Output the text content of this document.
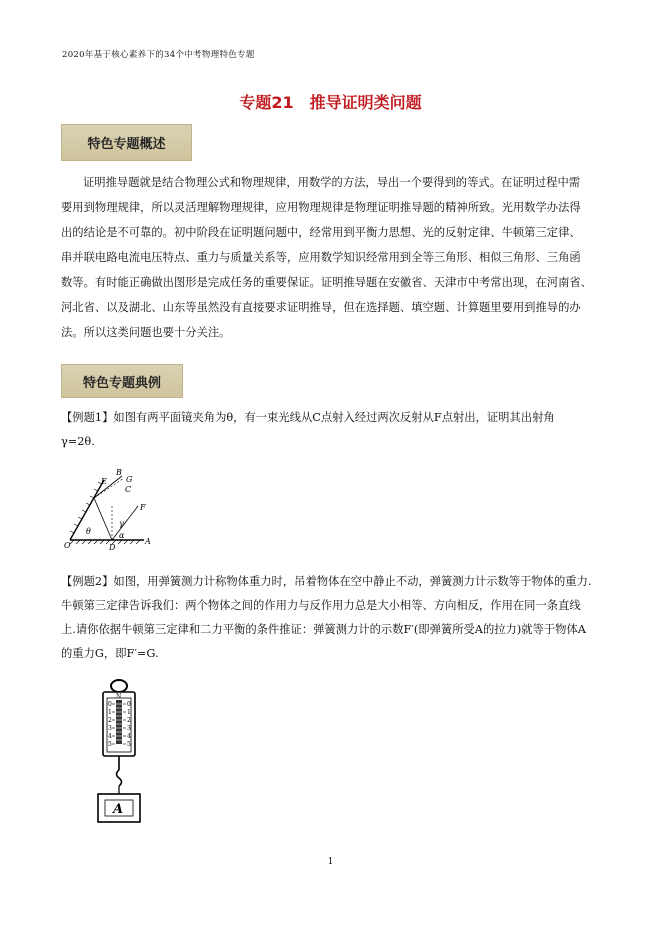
2020年基于核心素养下的34个中考物理特色专题
专题21　推导证明类问题
特色专题概述
证明推导题就是结合物理公式和物理规律，用数学的方法，导出一个要得到的等式。在证明过程中需
要用到物理规律，所以灵活理解物理规律，应用物理规律是物理证明推导题的精神所致。光用数学办法得
出的结论是不可靠的。初中阶段在证明题问题中，经常用到平衡力思想、光的反射定律、牛顿第三定律、
串并联电路电流电压特点、重力与质量关系等，应用数学知识经常用到全等三角形、相似三角形、三角函
数等。有时能正确做出图形是完成任务的重要保证。证明推导题在安徽省、天津市中考常出现，在河南省、
河北省、以及湖北、山东等虽然没有直接要求证明推导，但在选择题、填空题、计算题里要用到推导的办
法。所以这类问题也要十分关注。
特色专题典例
【例题1】如图有两平面镜夹角为θ，有一束光线从C点射入经过两次反射从F点射出，证明其出射角
γ=2θ.
B
G
C
E
F
θ
γ
α
O	D
A
【例题2】如图，用弹簧测力计称物体重力时，吊着物体在空中静止不动，弹簧测力计示数等于物体的重力.
牛顿第三定律告诉我们：两个物体之间的作用力与反作用力总是大小相等、方向相反，作用在同一条直线
上.请你依据牛顿第三定律和二力平衡的条件推证：弹簧测力计的示数F′(即弹簧所受A的拉力)就等于物体A
的重力G，即F′=G.
N
0
1
2
3
4
5
0
1
2
3
4
5
A
1
